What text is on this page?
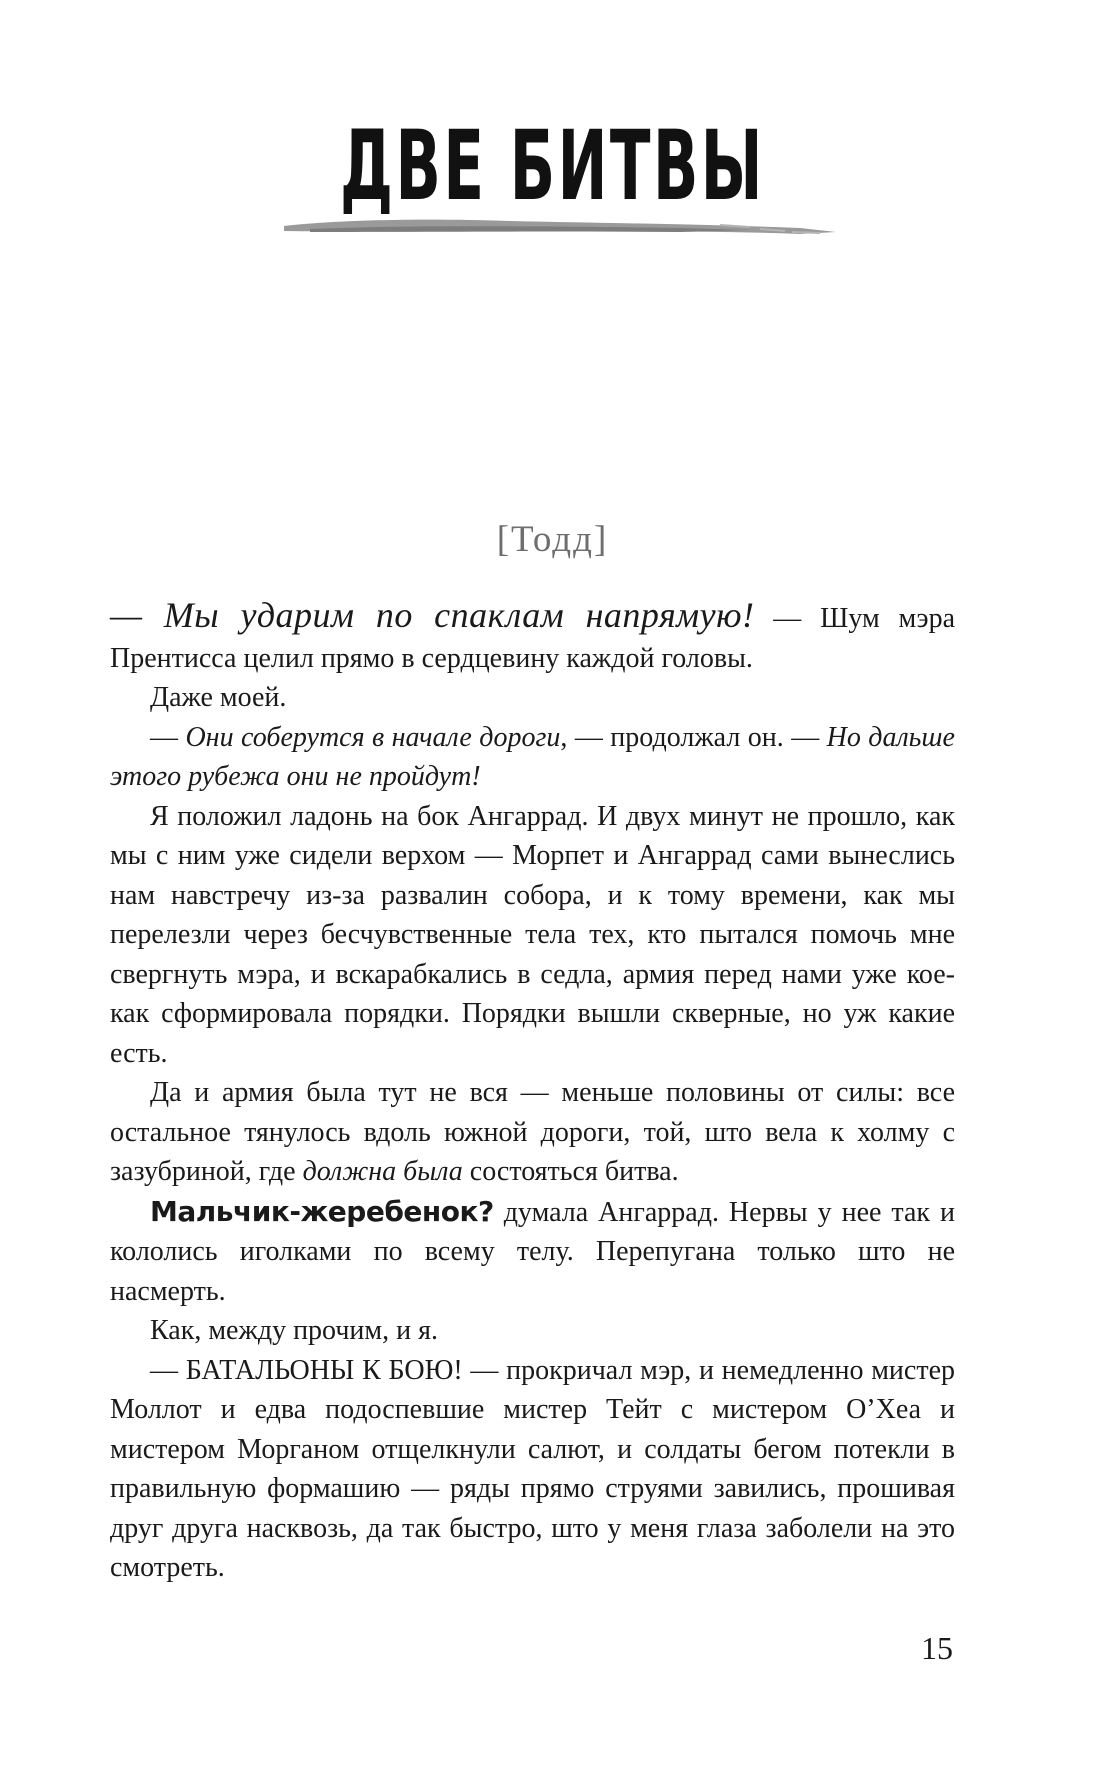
ДВЕ БИТВЫ
[Тодд]

— Мы ударим по спаклам напрямую! — Шум мэра Прентисса целил прямо в сердцевину каждой головы.

Даже моей.

— Они соберутся в начале дороги, — продолжал он. — Но дальше этого рубежа они не пройдут!

Я положил ладонь на бок Ангаррад. И двух минут не прошло, как мы с ним уже сидели верхом — Морпет и Ангаррад сами вынеслись нам навстречу из-за развалин собора, и к тому времени, как мы перелезли через бесчувственные тела тех, кто пытался помочь мне свергнуть мэра, и вскарабкались в седла, армия перед нами уже кое-как сформировала порядки. Порядки вышли скверные, но уж какие есть.

Да и армия была тут не вся — меньше половины от силы: все остальное тянулось вдоль южной дороги, той, што вела к холму с зазубриной, где должна была состояться битва.

Мальчик-жеребенок? думала Ангаррад. Нервы у нее так и кололись иголками по всему телу. Перепугана только што не насмерть.

Как, между прочим, и я.

— БАТАЛЬОНЫ К БОЮ! — прокричал мэр, и немедленно мистер Моллот и едва подоспевшие мистер Тейт с мистером О’Хеа и мистером Морганом отщелкнули салют, и солдаты бегом потекли в правильную формашию — ряды прямо струями завились, прошивая друг друга насквозь, да так быстро, што у меня глаза заболели на это смотреть.

15
